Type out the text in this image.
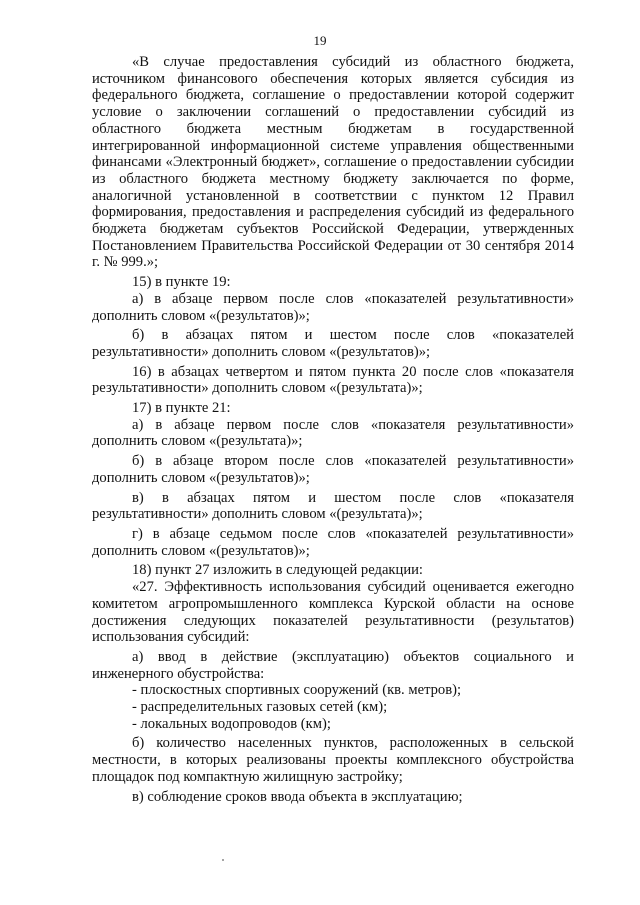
19

«В случае предоставления субсидий из областного бюджета, источником финансового обеспечения которых является субсидия из федерального бюджета, соглашение о предоставлении которой содержит условие о заключении соглашений о предоставлении субсидий из областного бюджета местным бюджетам в государственной интегрированной информационной системе управления общественными финансами «Электронный бюджет», соглашение о предоставлении субсидии из областного бюджета местному бюджету заключается по форме, аналогичной установленной в соответствии с пунктом 12 Правил формирования, предоставления и распределения субсидий из федерального бюджета бюджетам субъектов Российской Федерации, утвержденных Постановлением Правительства Российской Федерации от 30 сентября 2014 г. № 999.»;

15) в пункте 19:

а) в абзаце первом после слов «показателей результативности» дополнить словом «(результатов)»;

б) в абзацах пятом и шестом после слов «показателей результативности» дополнить словом «(результатов)»;

16) в абзацах четвертом и пятом пункта 20 после слов «показателя результативности» дополнить словом «(результата)»;

17) в пункте 21:

а) в абзаце первом после слов «показателя результативности» дополнить словом «(результата)»;

б) в абзаце втором после слов «показателей результативности» дополнить словом «(результатов)»;

в) в абзацах пятом и шестом после слов «показателя результативности» дополнить словом «(результата)»;

г) в абзаце седьмом после слов «показателей результативности» дополнить словом «(результатов)»;

18) пункт 27 изложить в следующей редакции:

«27. Эффективность использования субсидий оценивается ежегодно комитетом агропромышленного комплекса Курской области на основе достижения следующих показателей результативности (результатов) использования субсидий:

а) ввод в действие (эксплуатацию) объектов социального и инженерного обустройства:

- плоскостных спортивных сооружений (кв. метров);

- распределительных газовых сетей (км);

- локальных водопроводов (км);

б) количество населенных пунктов, расположенных в сельской местности, в которых реализованы проекты комплексного обустройства площадок под компактную жилищную застройку;

в) соблюдение сроков ввода объекта в эксплуатацию;
